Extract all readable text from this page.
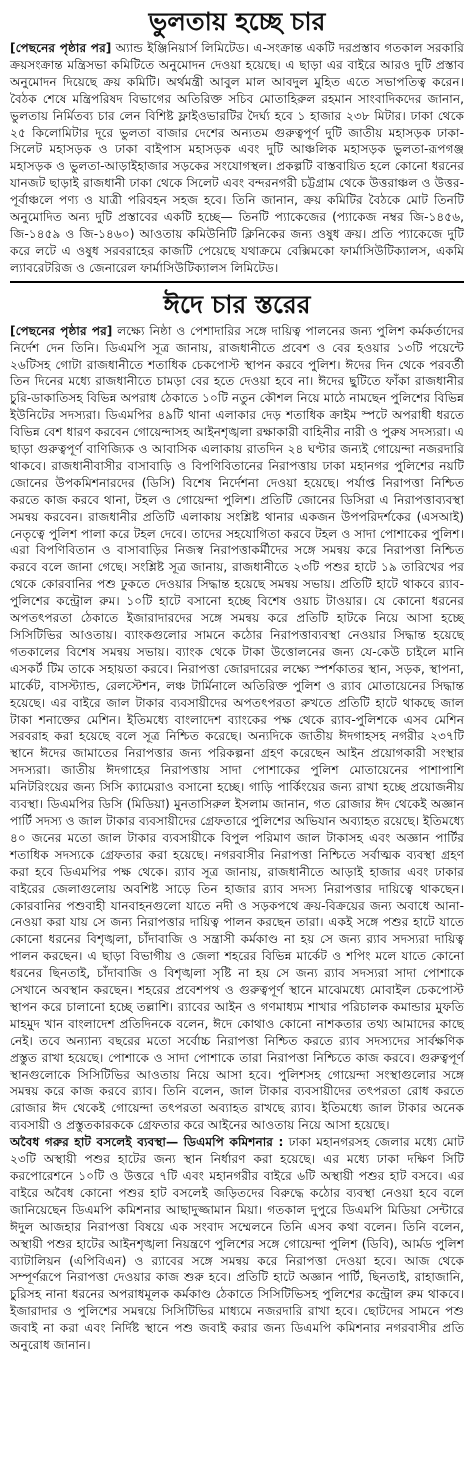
ভুলতায় হচ্ছে চার

[পেছনের পৃষ্ঠার পর] অ্যান্ড ইঞ্জিনিয়ার্স লিমিটেড। এ-সংক্রান্ত একটি দরপ্রস্তাব গতকাল সরকারি ক্রয়সংক্রান্ত মন্ত্রিসভা কমিটিতে অনুমোদন দেওয়া হয়েছে। এ ছাড়া এর বাইরে আরও দুটি প্রস্তাব অনুমোদন দিয়েছে ক্রয় কমিটি। অর্থমন্ত্রী আবুল মাল আবদুল মুহিত এতে সভাপতিত্ব করেন। বৈঠক শেষে মন্ত্রিপরিষদ বিভাগের অতিরিক্ত সচিব মোতাহিরুল রহমান সাংবাদিকদের জানান, ভুলতায় নির্মিতব্য চার লেন বিশিষ্ট ফ্লাইওভারটির দৈর্ঘ্য হবে ১ হাজার ২৩৮ মিটার। ঢাকা থেকে ২৫ কিলোমিটার দূরে ভুলতা বাজার দেশের অন্যতম গুরুত্বপূর্ণ দুটি জাতীয় মহাসড়ক ঢাকা-সিলেট মহাসড়ক ও ঢাকা বাইপাস মহাসড়ক এবং দুটি আঞ্চলিক মহাসড়ক ভুলতা-রূপগঞ্জ মহাসড়ক ও ভুলতা-আড়াইহাজার সড়কের সংযোগস্থল। প্রকল্পটি বাস্তবায়িত হলে কোনো ধরনের যানজট ছাড়াই রাজধানী ঢাকা থেকে সিলেট এবং বন্দরনগরী চট্টগ্রাম থেকে উত্তরাঞ্চল ও উত্তর-পূর্বাঞ্চলে পণ্য ও যাত্রী পরিবহন সহজ হবে। তিনি জানান, ক্রয় কমিটির বৈঠকে মোট তিনটি অনুমোদিত অন্য দুটি প্রস্তাবের একটি হচ্ছে— তিনটি প্যাকেজের (প্যাকেজ নম্বর জি-১৪৫৬, জি-১৪৫৯ ও জি-১৪৬০) আওতায় কমিউনিটি ক্লিনিকের জন্য ওষুধ ক্রয়। প্রতি প্যাকেজে দুটি করে লটে এ ওষুধ সরবরাহের কাজটি পেয়েছে যথাক্রমে বেক্সিমকো ফার্মাসিউটিক্যালস, একমি ল্যাবরেটরিজ ও জেনারেল ফার্মাসিউটিক্যালস লিমিটেড।

ঈদে চার স্তরের

[পেছনের পৃষ্ঠার পর] লক্ষ্যে নিষ্ঠা ও পেশাদারির সঙ্গে দায়িত্ব পালনের জন্য পুলিশ কর্মকর্তাদের নির্দেশ দেন তিনি। ডিএমপি সূত্র জানায়, রাজধানীতে প্রবেশ ও বের হওয়ার ১৩টি পয়েন্টে ২৬টিসহ গোটা রাজধানীতে শতাধিক চেকপোস্ট স্থাপন করবে পুলিশ। ঈদের দিন থেকে পরবর্তী তিন দিনের মধ্যে রাজধানীতে চামড়া বের হতে দেওয়া হবে না। ঈদের ছুটিতে ফাঁকা রাজধানীর চুরি-ডাকাতিসহ বিভিন্ন অপরাধ ঠেকাতে ১০টি নতুন কৌশল নিয়ে মাঠে নামছেন পুলিশের বিভিন্ন ইউনিটের সদস্যরা। ডিএমপির ৪৯টি থানা এলাকার দেড় শতাধিক ক্রাইম স্পটে অপরাধী ধরতে বিভিন্ন বেশ ধারণ করবেন গোয়েন্দাসহ আইনশৃঙ্খলা রক্ষাকারী বাহিনীর নারী ও পুরুষ সদস্যরা। এ ছাড়া গুরুত্বপূর্ণ বাণিজ্যিক ও আবাসিক এলাকায় রাতদিন ২৪ ঘণ্টার জন্যই গোয়েন্দা নজরদারি থাকবে। রাজধানীবাসীর বাসাবাড়ি ও বিপণিবিতানের নিরাপত্তায় ঢাকা মহানগর পুলিশের নয়টি জোনের উপকমিশনারদের (ডিসি) বিশেষ নির্দেশনা দেওয়া হয়েছে। পর্যাপ্ত নিরাপত্তা নিশ্চিত করতে কাজ করবে থানা, টহল ও গোয়েন্দা পুলিশ। প্রতিটি জোনের ডিসিরা এ নিরাপত্তাব্যবস্থা সমন্বয় করবেন। রাজধানীর প্রতিটি এলাকায় সংশ্লিষ্ট থানার একজন উপপরিদর্শকের (এসআই) নেতৃত্বে পুলিশ পালা করে টহল দেবে। তাদের সহযোগিতা করবে টহল ও সাদা পোশাকের পুলিশ। এরা বিপণিবিতান ও বাসাবাড়ির নিজস্ব নিরাপত্তাকর্মীদের সঙ্গে সমন্বয় করে নিরাপত্তা নিশ্চিত করবে বলে জানা গেছে। সংশ্লিষ্ট সূত্র জানায়, রাজধানীতে ২৩টি পশুর হাটে ১৯ তারিখের পর থেকে কোরবানির পশু ঢুকতে দেওয়ার সিদ্ধান্ত হয়েছে সমন্বয় সভায়। প্রতিটি হাটে থাকবে র‍্যাব-পুলিশের কন্ট্রোল রুম। ১০টি হাটে বসানো হচ্ছে বিশেষ ওয়াচ টাওয়ার। যে কোনো ধরনের অপতৎপরতা ঠেকাতে ইজারাদারদের সঙ্গে সমন্বয় করে প্রতিটি হাটকে নিয়ে আসা হচ্ছে সিসিটিভির আওতায়। ব্যাংকগুলোর সামনে কঠোর নিরাপত্তাব্যবস্থা নেওয়ার সিদ্ধান্ত হয়েছে গতকালের বিশেষ সমন্বয় সভায়। ব্যাংক থেকে টাকা উত্তোলনের জন্য যে-কেউ চাইলে মানি এসকর্ট টিম তাকে সহায়তা করবে। নিরাপত্তা জোরদারের লক্ষ্যে স্পর্শকাতর স্থান, সড়ক, স্থাপনা, মার্কেট, বাসস্ট্যান্ড, রেলস্টেশন, লঞ্চ টার্মিনালে অতিরিক্ত পুলিশ ও র‍্যাব মোতায়েনের সিদ্ধান্ত হয়েছে। এর বাইরে জাল টাকার ব্যবসায়ীদের অপতৎপরতা রুখতে প্রতিটি হাটে থাকছে জাল টাকা শনাক্তের মেশিন। ইতিমধ্যে বাংলাদেশ ব্যাংকের পক্ষ থেকে র‍্যাব-পুলিশকে এসব মেশিন সরবরাহ করা হয়েছে বলে সূত্র নিশ্চিত করেছে। অন্যদিকে জাতীয় ঈদগাহসহ নগরীর ২৩৭টি স্থানে ঈদের জামাতের নিরাপত্তার জন্য পরিকল্পনা গ্রহণ করেছেন আইন প্রয়োগকারী সংস্থার সদস্যরা। জাতীয় ঈদগাহের নিরাপত্তায় সাদা পোশাকের পুলিশ মোতায়েনের পাশাপাশি মনিটরিংয়ের জন্য সিসি ক্যামেরাও বসানো হচ্ছে। গাড়ি পার্কিংয়ের জন্য রাখা হচ্ছে প্রয়োজনীয় ব্যবস্থা। ডিএমপির ডিসি (মিডিয়া) মুনতাসিরুল ইসলাম জানান, গত রোজার ঈদ থেকেই অজ্ঞান পার্টি সদস্য ও জাল টাকার ব্যবসায়ীদের গ্রেফতারে পুলিশের অভিযান অব্যাহত রয়েছে। ইতিমধ্যে ৪০ জনের মতো জাল টাকার ব্যবসায়ীকে বিপুল পরিমাণ জাল টাকাসহ এবং অজ্ঞান পার্টির শতাধিক সদস্যকে গ্রেফতার করা হয়েছে। নগরবাসীর নিরাপত্তা নিশ্চিতে সর্বাত্মক ব্যবস্থা গ্রহণ করা হবে ডিএমপির পক্ষ থেকে। র‍্যাব সূত্র জানায়, রাজধানীতে আড়াই হাজার এবং ঢাকার বাইরের জেলাগুলোয় অবশিষ্ট সাড়ে তিন হাজার র‍্যাব সদস্য নিরাপত্তার দায়িত্বে থাকছেন। কোরবানির পশুবাহী যানবাহনগুলো যাতে নদী ও সড়কপথে ক্রয়-বিক্রয়ের জন্য অবাধে আনা-নেওয়া করা যায় সে জন্য নিরাপত্তার দায়িত্ব পালন করছেন তারা। একই সঙ্গে পশুর হাটে যাতে কোনো ধরনের বিশৃঙ্খলা, চাঁদাবাজি ও সন্ত্রাসী কর্মকাণ্ড না হয় সে জন্য র‍্যাব সদস্যরা দায়িত্ব পালন করছেন। এ ছাড়া বিভাগীয় ও জেলা শহরের বিভিন্ন মার্কেট ও শপিং মলে যাতে কোনো ধরনের ছিনতাই, চাঁদাবাজি ও বিশৃঙ্খলা সৃষ্টি না হয় সে জন্য র‍্যাব সদস্যরা সাদা পোশাকে সেখানে অবস্থান করছেন। শহরের প্রবেশপথ ও গুরুত্বপূর্ণ স্থানে মাঝেমধ্যে মোবাইল চেকপোস্ট স্থাপন করে চালানো হচ্ছে তল্লাশি। র‍্যাবের আইন ও গণমাধ্যম শাখার পরিচালক কমান্ডার মুফতি মাহমুদ খান বাংলাদেশ প্রতিদিনকে বলেন, ঈদে কোথাও কোনো নাশকতার তথ্য আমাদের কাছে নেই। তবে অন্যান্য বছরের মতো সর্বোচ্চ নিরাপত্তা নিশ্চিত করতে র‍্যাব সদস্যদের সার্বক্ষণিক প্রস্তুত রাখা হয়েছে। পোশাকে ও সাদা পোশাকে তারা নিরাপত্তা নিশ্চিতে কাজ করবে। গুরুত্বপূর্ণ স্থানগুলোকে সিসিটিভির আওতায় নিয়ে আসা হবে। পুলিশসহ গোয়েন্দা সংস্থাগুলোর সঙ্গে সমন্বয় করে কাজ করবে র‍্যাব। তিনি বলেন, জাল টাকার ব্যবসায়ীদের তৎপরতা রোধ করতে রোজার ঈদ থেকেই গোয়েন্দা তৎপরতা অব্যাহত রাখছে র‍্যাব। ইতিমধ্যে জাল টাকার অনেক ব্যবসায়ী ও প্রস্তুতকারককে গ্রেফতার করে আইনের আওতায় নিয়ে আসা হয়েছে।

অবৈধ গরুর হাট বসলেই ব্যবস্থা— ডিএমপি কমিশনার : ঢাকা মহানগরসহ জেলার মধ্যে মোট ২৩টি অস্থায়ী পশুর হাটের জন্য স্থান নির্ধারণ করা হয়েছে। এর মধ্যে ঢাকা দক্ষিণ সিটি করপোরেশনে ১০টি ও উত্তরে ৭টি এবং মহানগরীর বাইরে ৬টি অস্থায়ী পশুর হাট বসবে। এর বাইরে অবৈধ কোনো পশুর হাট বসলেই জড়িতদের বিরুদ্ধে কঠোর ব্যবস্থা নেওয়া হবে বলে জানিয়েছেন ডিএমপি কমিশনার আছাদুজ্জামান মিয়া। গতকাল দুপুরে ডিএমপি মিডিয়া সেন্টারে ঈদুল আজহার নিরাপত্তা বিষয়ে এক সংবাদ সম্মেলনে তিনি এসব কথা বলেন। তিনি বলেন, অস্থায়ী পশুর হাটের আইনশৃঙ্খলা নিয়ন্ত্রণে পুলিশের সঙ্গে গোয়েন্দা পুলিশ (ডিবি), আর্মড পুলিশ ব্যাটালিয়ন (এপিবিএন) ও র‍্যাবের সঙ্গে সমন্বয় করে নিরাপত্তা দেওয়া হবে। আজ থেকে সম্পূর্ণরূপে নিরাপত্তা দেওয়ার কাজ শুরু হবে। প্রতিটি হাটে অজ্ঞান পার্টি, ছিনতাই, রাহাজানি, চুরিসহ নানা ধরনের অপরাধমূলক কর্মকাণ্ড ঠেকাতে সিসিটিভিসহ পুলিশের কন্ট্রোল রুম থাকবে। ইজারাদার ও পুলিশের সমন্বয়ে সিসিটিভির মাধ্যমে নজরদারি রাখা হবে। ছোটদের সামনে পশু জবাই না করা এবং নির্দিষ্ট স্থানে পশু জবাই করার জন্য ডিএমপি কমিশনার নগরবাসীর প্রতি অনুরোধ জানান।
